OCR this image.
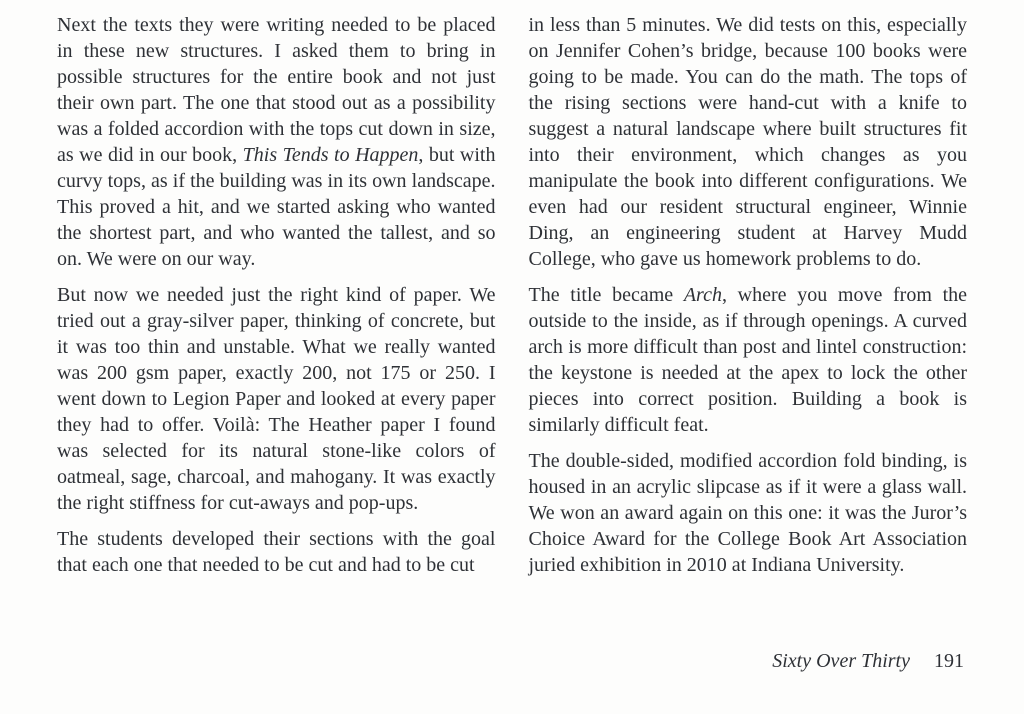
Next the texts they were writing needed to be placed in these new structures. I asked them to bring in possible structures for the entire book and not just their own part. The one that stood out as a possibility was a folded accordion with the tops cut down in size, as we did in our book, This Tends to Happen, but with curvy tops, as if the building was in its own landscape. This proved a hit, and we started asking who wanted the shortest part, and who wanted the tallest, and so on. We were on our way.

But now we needed just the right kind of paper. We tried out a gray-silver paper, thinking of concrete, but it was too thin and unstable. What we really wanted was 200 gsm paper, exactly 200, not 175 or 250. I went down to Legion Paper and looked at every paper they had to offer. Voilà: The Heather paper I found was selected for its natural stone-like colors of oatmeal, sage, charcoal, and mahogany. It was exactly the right stiffness for cut-aways and pop-ups.

The students developed their sections with the goal that each one that needed to be cut and had to be cut

in less than 5 minutes. We did tests on this, especially on Jennifer Cohen’s bridge, because 100 books were going to be made. You can do the math. The tops of the rising sections were hand-cut with a knife to suggest a natural landscape where built structures fit into their environment, which changes as you manipulate the book into different configurations. We even had our resident structural engineer, Winnie Ding, an engineering student at Harvey Mudd College, who gave us homework problems to do.

The title became Arch, where you move from the outside to the inside, as if through openings. A curved arch is more difficult than post and lintel construction: the keystone is needed at the apex to lock the other pieces into correct position. Building a book is similarly difficult feat.

The double-sided, modified accordion fold binding, is housed in an acrylic slipcase as if it were a glass wall. We won an award again on this one: it was the Juror’s Choice Award for the College Book Art Association juried exhibition in 2010 at Indiana University.

Sixty Over Thirty 191
